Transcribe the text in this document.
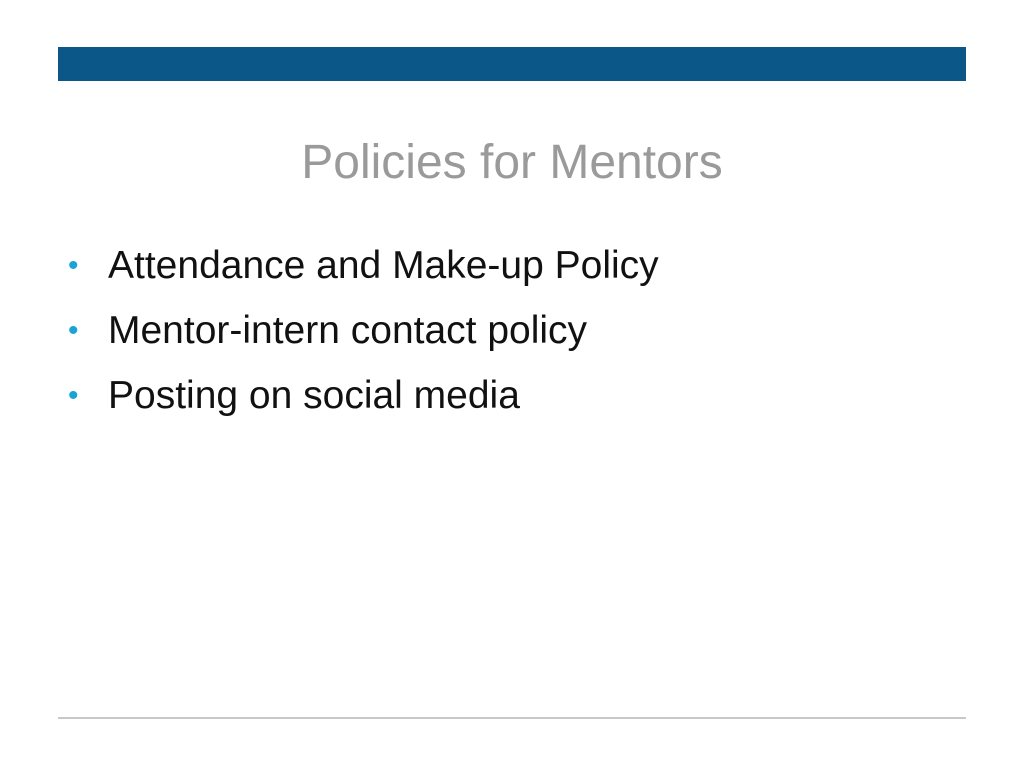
Policies for Mentors
• Attendance and Make-up Policy
• Mentor-intern contact policy
• Posting on social media
